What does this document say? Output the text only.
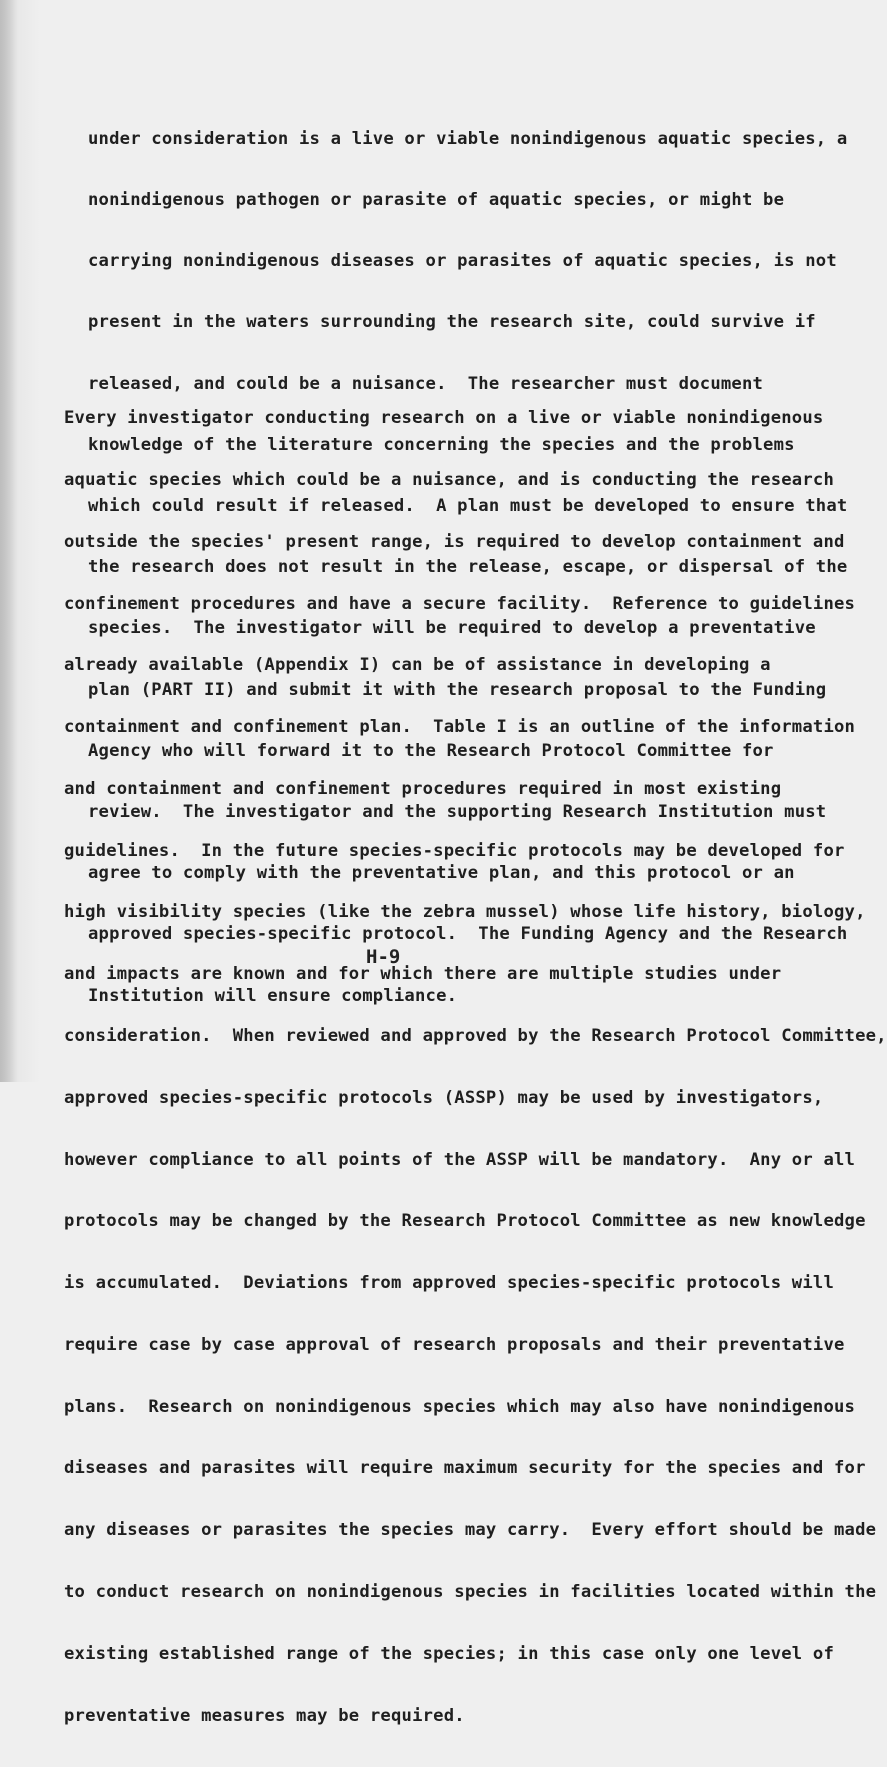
under consideration is a live or viable nonindigenous aquatic species, a

nonindigenous pathogen or parasite of aquatic species, or might be

carrying nonindigenous diseases or parasites of aquatic species, is not

present in the waters surrounding the research site, could survive if

released, and could be a nuisance.  The researcher must document

knowledge of the literature concerning the species and the problems

which could result if released.  A plan must be developed to ensure that

the research does not result in the release, escape, or dispersal of the

species.  The investigator will be required to develop a preventative

plan (PART II) and submit it with the research proposal to the Funding

Agency who will forward it to the Research Protocol Committee for

review.  The investigator and the supporting Research Institution must

agree to comply with the preventative plan, and this protocol or an

approved species-specific protocol.  The Funding Agency and the Research

Institution will ensure compliance.

Every investigator conducting research on a live or viable nonindigenous

aquatic species which could be a nuisance, and is conducting the research

outside the species' present range, is required to develop containment and

confinement procedures and have a secure facility.  Reference to guidelines

already available (Appendix I) can be of assistance in developing a

containment and confinement plan.  Table I is an outline of the information

and containment and confinement procedures required in most existing

guidelines.  In the future species-specific protocols may be developed for

high visibility species (like the zebra mussel) whose life history, biology,

and impacts are known and for which there are multiple studies under

consideration.  When reviewed and approved by the Research Protocol Committee,

approved species-specific protocols (ASSP) may be used by investigators,

however compliance to all points of the ASSP will be mandatory.  Any or all

protocols may be changed by the Research Protocol Committee as new knowledge

is accumulated.  Deviations from approved species-specific protocols will

require case by case approval of research proposals and their preventative

plans.  Research on nonindigenous species which may also have nonindigenous

diseases and parasites will require maximum security for the species and for

any diseases or parasites the species may carry.  Every effort should be made

to conduct research on nonindigenous species in facilities located within the

existing established range of the species; in this case only one level of

preventative measures may be required.

H-9
